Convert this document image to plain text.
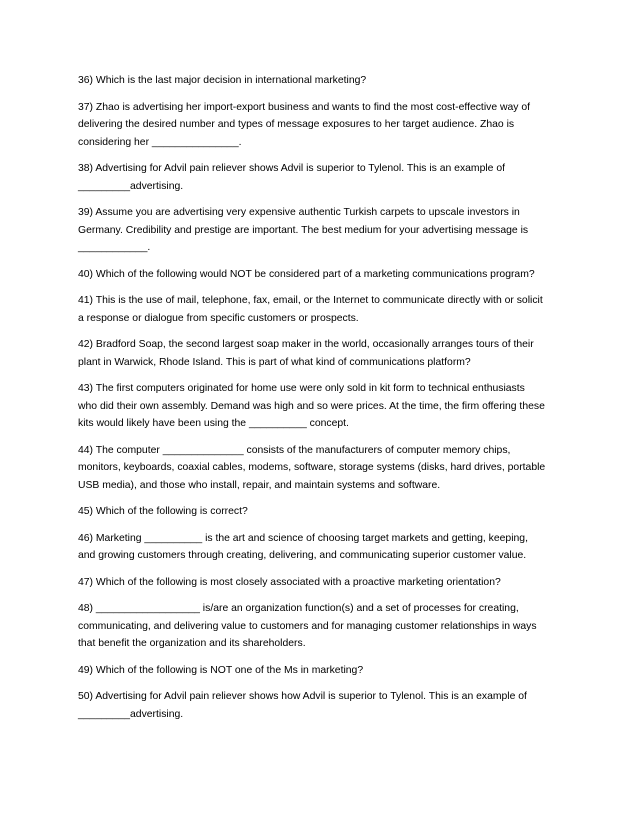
36) Which is the last major decision in international marketing?

37) Zhao is advertising her import-export business and wants to find the most cost-effective way of delivering the desired number and types of message exposures to her target audience. Zhao is considering her _______________.

38) Advertising for Advil pain reliever shows Advil is superior to Tylenol. This is an example of _________advertising.

39) Assume you are advertising very expensive authentic Turkish carpets to upscale investors in Germany. Credibility and prestige are important. The best medium for your advertising message is ____________.

40) Which of the following would NOT be considered part of a marketing communications program?

41) This is the use of mail, telephone, fax, email, or the Internet to communicate directly with or solicit a response or dialogue from specific customers or prospects.

42) Bradford Soap, the second largest soap maker in the world, occasionally arranges tours of their plant in Warwick, Rhode Island. This is part of what kind of communications platform?

43) The first computers originated for home use were only sold in kit form to technical enthusiasts who did their own assembly. Demand was high and so were prices. At the time, the firm offering these kits would likely have been using the __________ concept.

44) The computer ______________ consists of the manufacturers of computer memory chips, monitors, keyboards, coaxial cables, modems, software, storage systems (disks, hard drives, portable USB media), and those who install, repair, and maintain systems and software.

45) Which of the following is correct?

46) Marketing __________ is the art and science of choosing target markets and getting, keeping, and growing customers through creating, delivering, and communicating superior customer value.

47) Which of the following is most closely associated with a proactive marketing orientation?

48) __________________ is/are an organization function(s) and a set of processes for creating, communicating, and delivering value to customers and for managing customer relationships in ways that benefit the organization and its shareholders.

49) Which of the following is NOT one of the Ms in marketing?

50) Advertising for Advil pain reliever shows how Advil is superior to Tylenol. This is an example of _________advertising.
